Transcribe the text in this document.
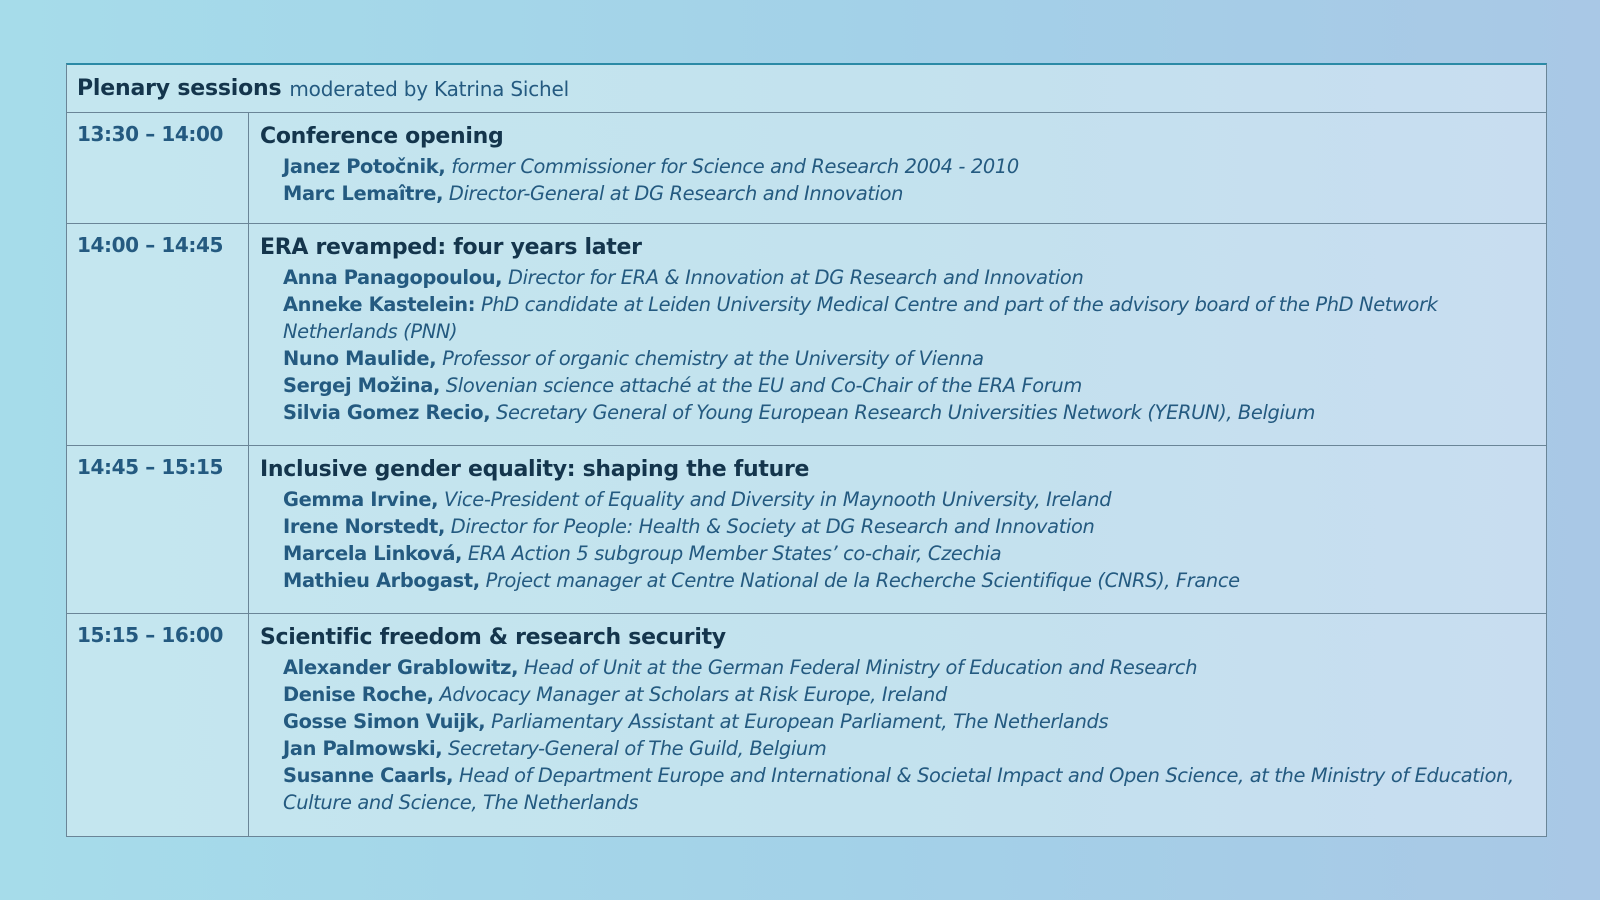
Plenary sessions moderated by Katrina Sichel
13:30 – 14:00	Conference opening
Janez Potočnik, former Commissioner for Science and Research 2004 - 2010
Marc Lemaître, Director-General at DG Research and Innovation
14:00 – 14:45	ERA revamped: four years later
Anna Panagopoulou, Director for ERA & Innovation at DG Research and Innovation
Anneke Kastelein: PhD candidate at Leiden University Medical Centre and part of the advisory board of the PhD Network Netherlands (PNN)
Nuno Maulide, Professor of organic chemistry at the University of Vienna
Sergej Možina, Slovenian science attaché at the EU and Co-Chair of the ERA Forum
Silvia Gomez Recio, Secretary General of Young European Research Universities Network (YERUN), Belgium
14:45 – 15:15	Inclusive gender equality: shaping the future
Gemma Irvine, Vice-President of Equality and Diversity in Maynooth University, Ireland
Irene Norstedt, Director for People: Health & Society at DG Research and Innovation
Marcela Linková, ERA Action 5 subgroup Member States’ co-chair, Czechia
Mathieu Arbogast, Project manager at Centre National de la Recherche Scientifique (CNRS), France
15:15 – 16:00	Scientific freedom & research security
Alexander Grablowitz, Head of Unit at the German Federal Ministry of Education and Research
Denise Roche, Advocacy Manager at Scholars at Risk Europe, Ireland
Gosse Simon Vuijk, Parliamentary Assistant at European Parliament, The Netherlands
Jan Palmowski, Secretary-General of The Guild, Belgium
Susanne Caarls, Head of Department Europe and International & Societal Impact and Open Science, at the Ministry of Education, Culture and Science, The Netherlands
